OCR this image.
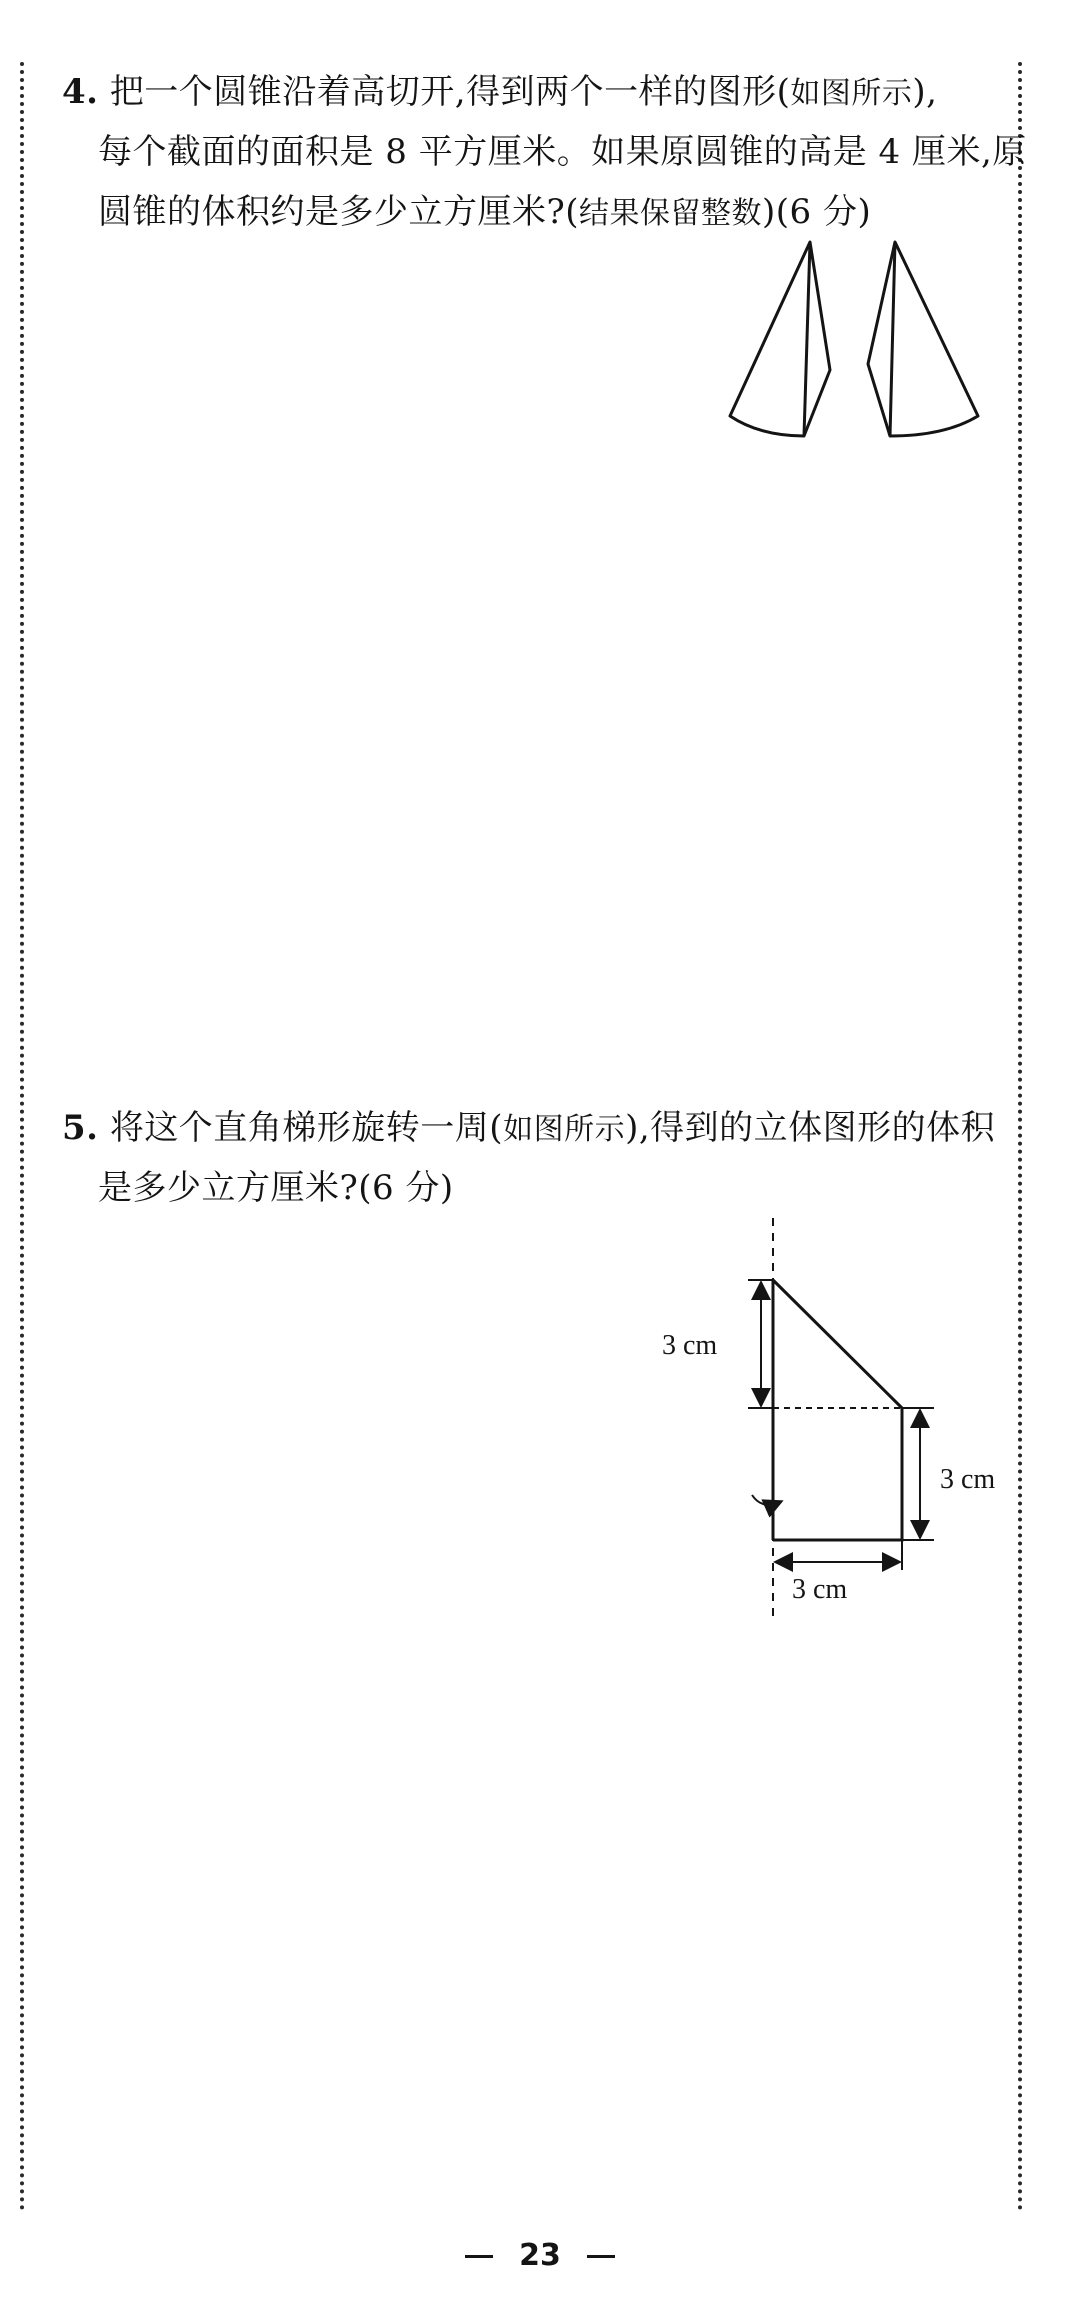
4. 把一个圆锥沿着高切开,得到两个一样的图形(如图所示),
每个截面的面积是 8 平方厘米。如果原圆锥的高是 4 厘米,原
圆锥的体积约是多少立方厘米?(结果保留整数)(6 分)
5. 将这个直角梯形旋转一周(如图所示),得到的立体图形的体积
是多少立方厘米?(6 分)
3 cm
3 cm
3 cm
23
